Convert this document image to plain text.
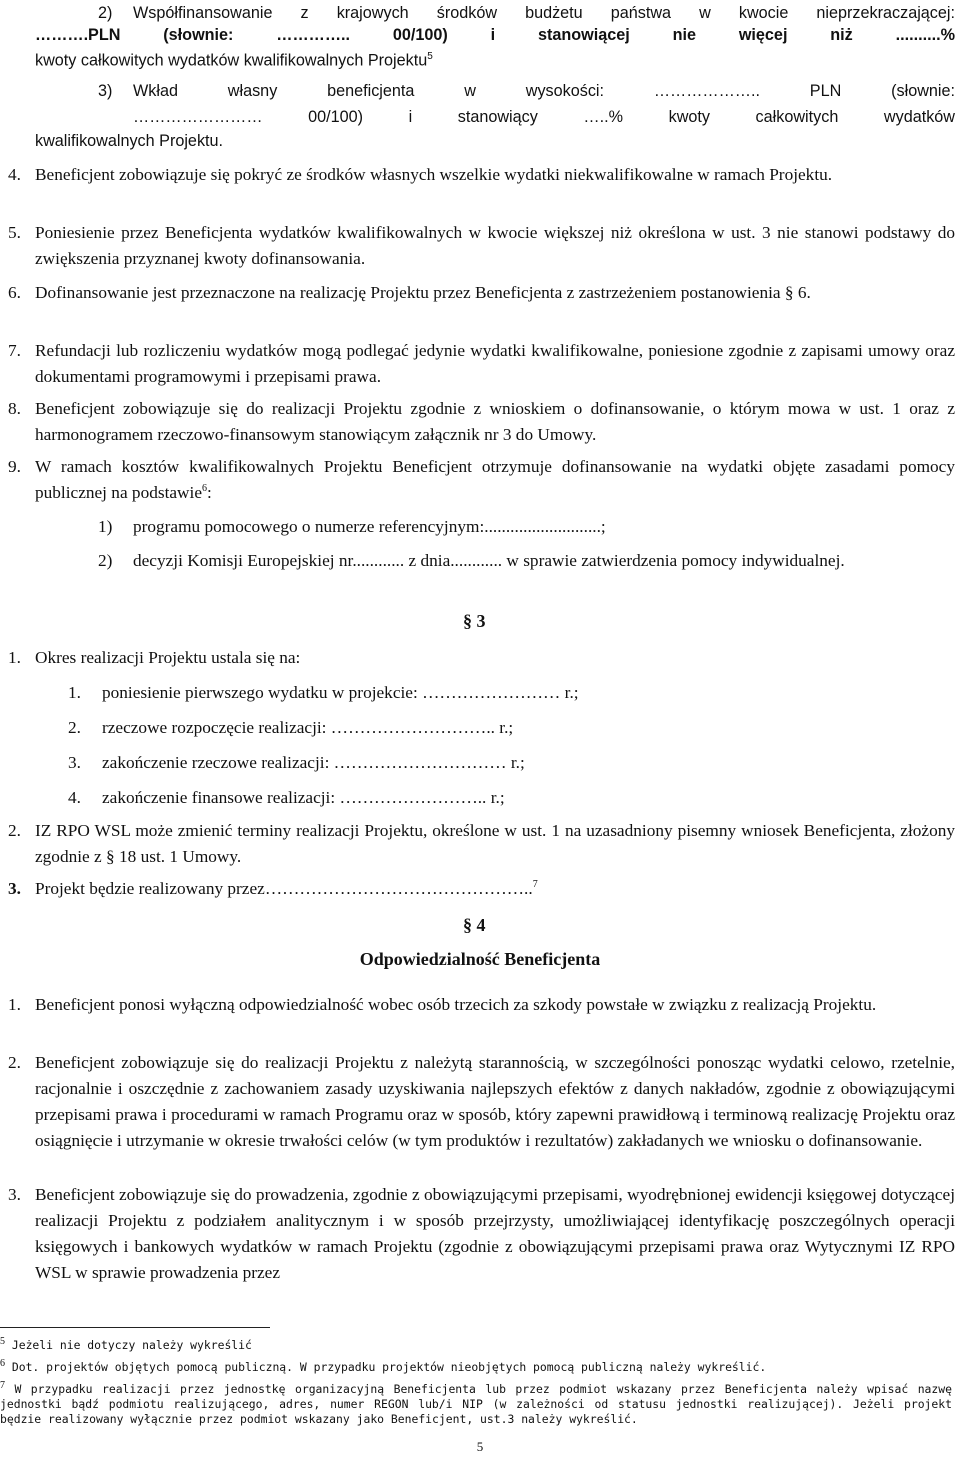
2) Współfinansowanie z krajowych środków budżetu państwa w kwocie nieprzekraczającej:
……….PLN (słownie: ………….. 00/100) i stanowiącej nie więcej niż ..........%
kwoty całkowitych wydatków kwalifikowalnych Projektu$^5$
3) Wkład własny beneficjenta w wysokości: ……………….. PLN (słownie:
…………………… 00/100) i stanowiący …..% kwoty całkowitych wydatków
kwalifikowalnych Projektu.
4. Beneficjent zobowiązuje się pokryć ze środków własnych wszelkie wydatki niekwalifikowalne w ramach Projektu.
5. Poniesienie przez Beneficjenta wydatków kwalifikowalnych w kwocie większej niż określona w ust. 3 nie stanowi podstawy do zwiększenia przyznanej kwoty dofinansowania.
6. Dofinansowanie jest przeznaczone na realizację Projektu przez Beneficjenta z zastrzeżeniem postanowienia § 6.
7. Refundacji lub rozliczeniu wydatków mogą podlegać jedynie wydatki kwalifikowalne, poniesione zgodnie z zapisami umowy oraz dokumentami programowymi i przepisami prawa.
8. Beneficjent zobowiązuje się do realizacji Projektu zgodnie z wnioskiem o dofinansowanie, o którym mowa w ust. 1 oraz z harmonogramem rzeczowo-finansowym stanowiącym załącznik nr 3 do Umowy.
9. W ramach kosztów kwalifikowalnych Projektu Beneficjent otrzymuje dofinansowanie na wydatki objęte zasadami pomocy publicznej na podstawie$^6$:
1) programu pomocowego o numerze referencyjnym:...........................;
2) decyzji Komisji Europejskiej nr............ z dnia............ w sprawie zatwierdzenia pomocy indywidualnej.
§ 3
1. Okres realizacji Projektu ustala się na:
1. poniesienie pierwszego wydatku w projekcie: …………………… r.;
2. rzeczowe rozpoczęcie realizacji: ……………………….. r.;
3. zakończenie rzeczowe realizacji: ………………………… r.;
4. zakończenie finansowe realizacji: …………………….. r.;
2. IZ RPO WSL może zmienić terminy realizacji Projektu, określone w ust. 1 na uzasadniony pisemny wniosek Beneficjenta, złożony zgodnie z § 18 ust. 1 Umowy.
3. Projekt będzie realizowany przez………………………………………..$^7$
§ 4
Odpowiedzialność Beneficjenta
1. Beneficjent ponosi wyłączną odpowiedzialność wobec osób trzecich za szkody powstałe w związku z realizacją Projektu.
2. Beneficjent zobowiązuje się do realizacji Projektu z należytą starannością, w szczególności ponosząc wydatki celowo, rzetelnie, racjonalnie i oszczędnie z zachowaniem zasady uzyskiwania najlepszych efektów z danych nakładów, zgodnie z obowiązującymi przepisami prawa i procedurami w ramach Programu oraz w sposób, który zapewni prawidłową i terminową realizację Projektu oraz osiągnięcie i utrzymanie w okresie trwałości celów (w tym produktów i rezultatów) zakładanych we wniosku o dofinansowanie.
3. Beneficjent zobowiązuje się do prowadzenia, zgodnie z obowiązującymi przepisami, wyodrębnionej ewidencji księgowej dotyczącej realizacji Projektu z podziałem analitycznym i w sposób przejrzysty, umożliwiającej identyfikację poszczególnych operacji księgowych i bankowych wydatków w ramach Projektu (zgodnie z obowiązującymi przepisami prawa oraz Wytycznymi IZ RPO WSL w sprawie prowadzenia przez
$^5$ Jeżeli nie dotyczy należy wykreślić
$^6$ Dot. projektów objętych pomocą publiczną. W przypadku projektów nieobjętych pomocą publiczną należy wykreślić.
$^7$ W przypadku realizacji przez jednostkę organizacyjną Beneficjenta lub przez podmiot wskazany przez Beneficjenta należy wpisać nazwę jednostki bądź podmiotu realizującego, adres, numer REGON lub/i NIP (w zależności od statusu jednostki realizującej). Jeżeli projekt będzie realizowany wyłącznie przez podmiot wskazany jako Beneficjent, ust.3 należy wykreślić.
5
